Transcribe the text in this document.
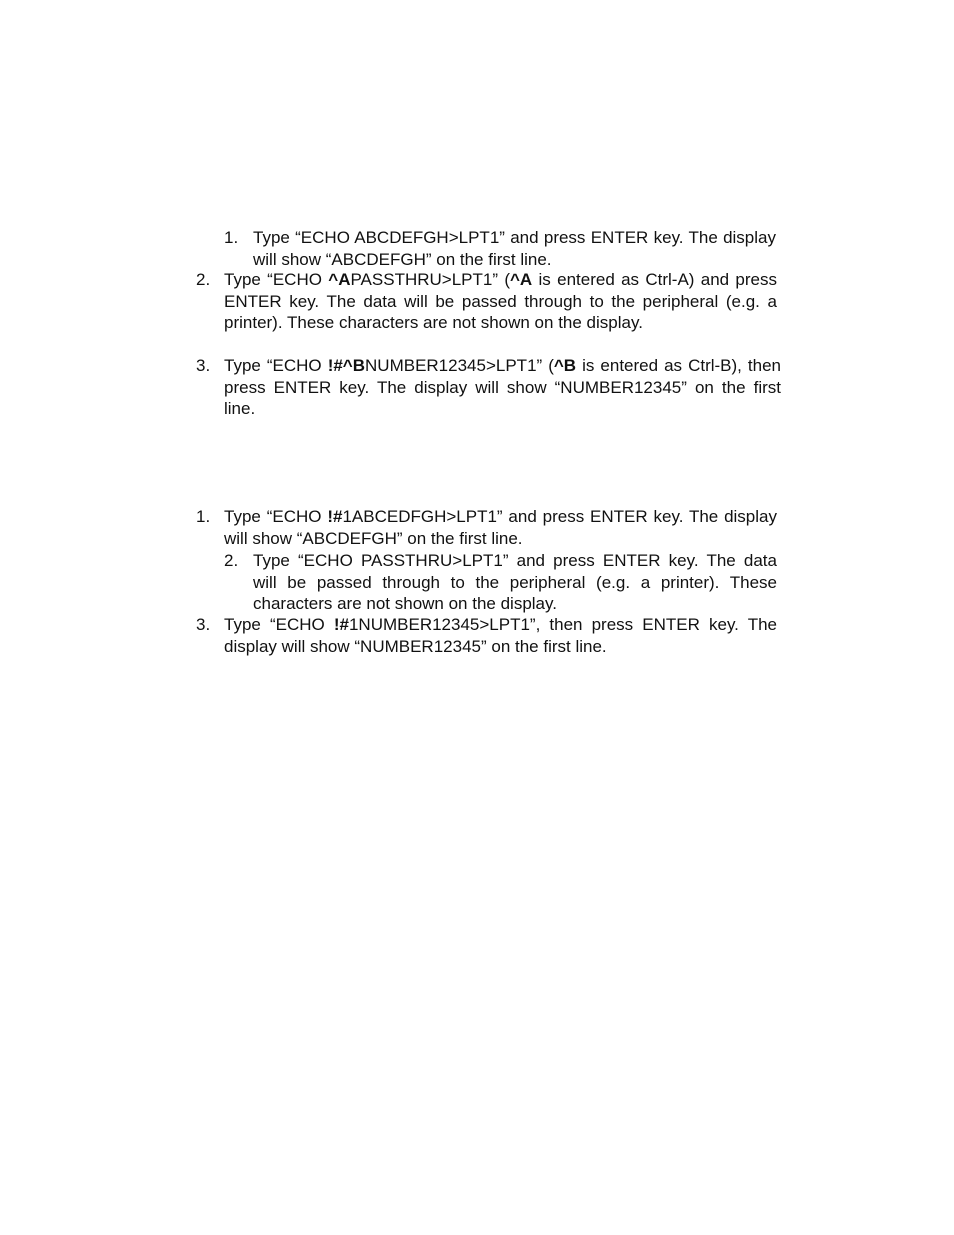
1. Type “ECHO ABCDEFGH>LPT1” and press ENTER key. The display will show “ABCDEFGH” on the first line.
2. Type “ECHO ^APASSTHRU>LPT1” (^A is entered as Ctrl-A) and press ENTER key. The data will be passed through to the peripheral (e.g. a printer). These characters are not shown on the display.
3. Type “ECHO !#^BNUMBER12345>LPT1” (^B is entered as Ctrl-B), then press ENTER key. The display will show “NUMBER12345” on the first line.
1. Type “ECHO !#1ABCEDFGH>LPT1” and press ENTER key. The display will show “ABCDEFGH” on the first line.
2. Type “ECHO PASSTHRU>LPT1” and press ENTER key. The data will be passed through to the peripheral (e.g. a printer). These characters are not shown on the display.
3. Type “ECHO !#1NUMBER12345>LPT1”, then press ENTER key. The display will show “NUMBER12345” on the first line.
